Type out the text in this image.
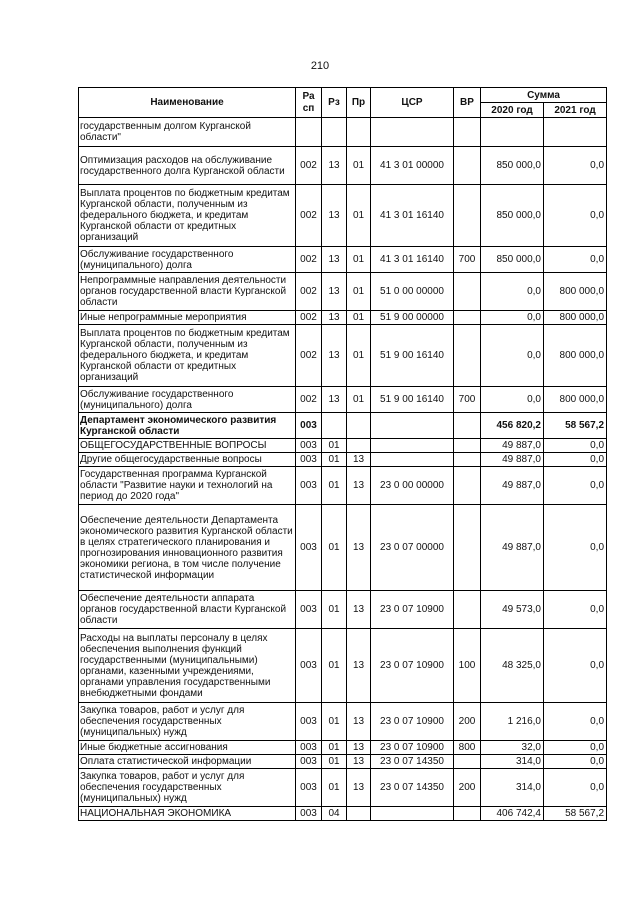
210
Наименование	Ра сп	Рз	Пр	ЦСР	ВР	Сумма	
						2020 год	2021 год
государственным долгом Курганской области"							
Оптимизация расходов на обслуживание государственного долга Курганской области	002	13	01	41 3 01 00000		850 000,0	0,0
Выплата процентов по бюджетным кредитам Курганской области, полученным из федерального бюджета, и кредитам Курганской области от кредитных организаций	002	13	01	41 3 01 16140		850 000,0	0,0
Обслуживание государственного (муниципального) долга	002	13	01	41 3 01 16140	700	850 000,0	0,0
Непрограммные направления деятельности органов государственной власти Курганской области	002	13	01	51 0 00 00000		0,0	800 000,0
Иные непрограммные мероприятия	002	13	01	51 9 00 00000		0,0	800 000,0
Выплата процентов по бюджетным кредитам Курганской области, полученным из федерального бюджета, и кредитам Курганской области от кредитных организаций	002	13	01	51 9 00 16140		0,0	800 000,0
Обслуживание государственного (муниципального) долга	002	13	01	51 9 00 16140	700	0,0	800 000,0
Департамент экономического развития Курганской области	003					456 820,2	58 567,2
ОБЩЕГОСУДАРСТВЕННЫЕ ВОПРОСЫ	003	01				49 887,0	0,0
Другие общегосударственные вопросы	003	01	13			49 887,0	0,0
Государственная программа Курганской области "Развитие науки и технологий на период до 2020 года"	003	01	13	23 0 00 00000		49 887,0	0,0
Обеспечение деятельности Департамента экономического развития Курганской области в целях стратегического планирования и прогнозирования инновационного развития экономики региона, в том числе получение статистической информации	003	01	13	23 0 07 00000		49 887,0	0,0
Обеспечение деятельности аппарата органов государственной власти Курганской области	003	01	13	23 0 07 10900		49 573,0	0,0
Расходы на выплаты персоналу в целях обеспечения выполнения функций государственными (муниципальными) органами, казенными учреждениями, органами управления государственными внебюджетными фондами	003	01	13	23 0 07 10900	100	48 325,0	0,0
Закупка товаров, работ и услуг для обеспечения государственных (муниципальных) нужд	003	01	13	23 0 07 10900	200	1 216,0	0,0
Иные бюджетные ассигнования	003	01	13	23 0 07 10900	800	32,0	0,0
Оплата статистической информации	003	01	13	23 0 07 14350		314,0	0,0
Закупка товаров, работ и услуг для обеспечения государственных (муниципальных) нужд	003	01	13	23 0 07 14350	200	314,0	0,0
НАЦИОНАЛЬНАЯ ЭКОНОМИКА	003	04				406 742,4	58 567,2
